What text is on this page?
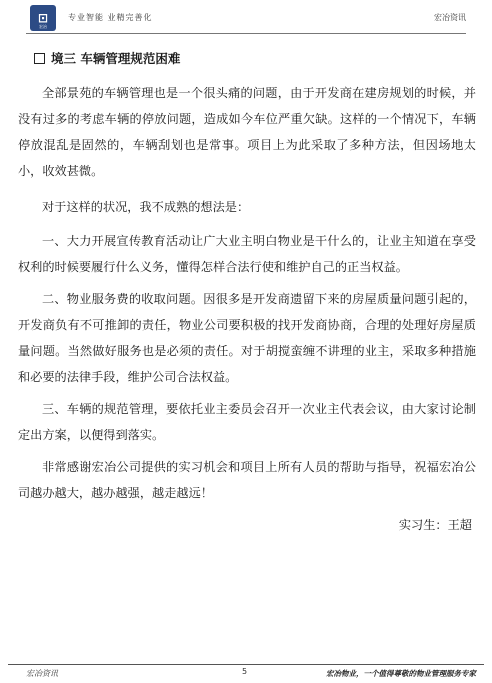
⊡
宏冶
专业智能 业精完善化	宏冶资讯
境三 车辆管理规范困难

全部景苑的车辆管理也是一个很头痛的问题，由于开发商在建房规划的时候，并没有过多的考虑车辆的停放问题，造成如今车位严重欠缺。这样的一个情况下，车辆停放混乱是固然的，车辆刮划也是常事。项目上为此采取了多种方法，但因场地太小，收效甚微。

对于这样的状况，我不成熟的想法是：

一、大力开展宣传教育活动让广大业主明白物业是干什么的，让业主知道在享受权利的时候要履行什么义务，懂得怎样合法行使和维护自己的正当权益。

二、物业服务费的收取问题。因很多是开发商遗留下来的房屋质量问题引起的，开发商负有不可推卸的责任，物业公司要积极的找开发商协商，合理的处理好房屋质量问题。当然做好服务也是必须的责任。对于胡搅蛮缠不讲理的业主，采取多种措施和必要的法律手段，维护公司合法权益。

三、车辆的规范管理，要依托业主委员会召开一次业主代表会议，由大家讨论制定出方案，以便得到落实。

非常感谢宏冶公司提供的实习机会和项目上所有人员的帮助与指导，祝福宏冶公司越办越大，越办越强，越走越远！

实习生：王超
宏冶资讯	5	宏冶物业，一个值得尊敬的物业管理服务专家
